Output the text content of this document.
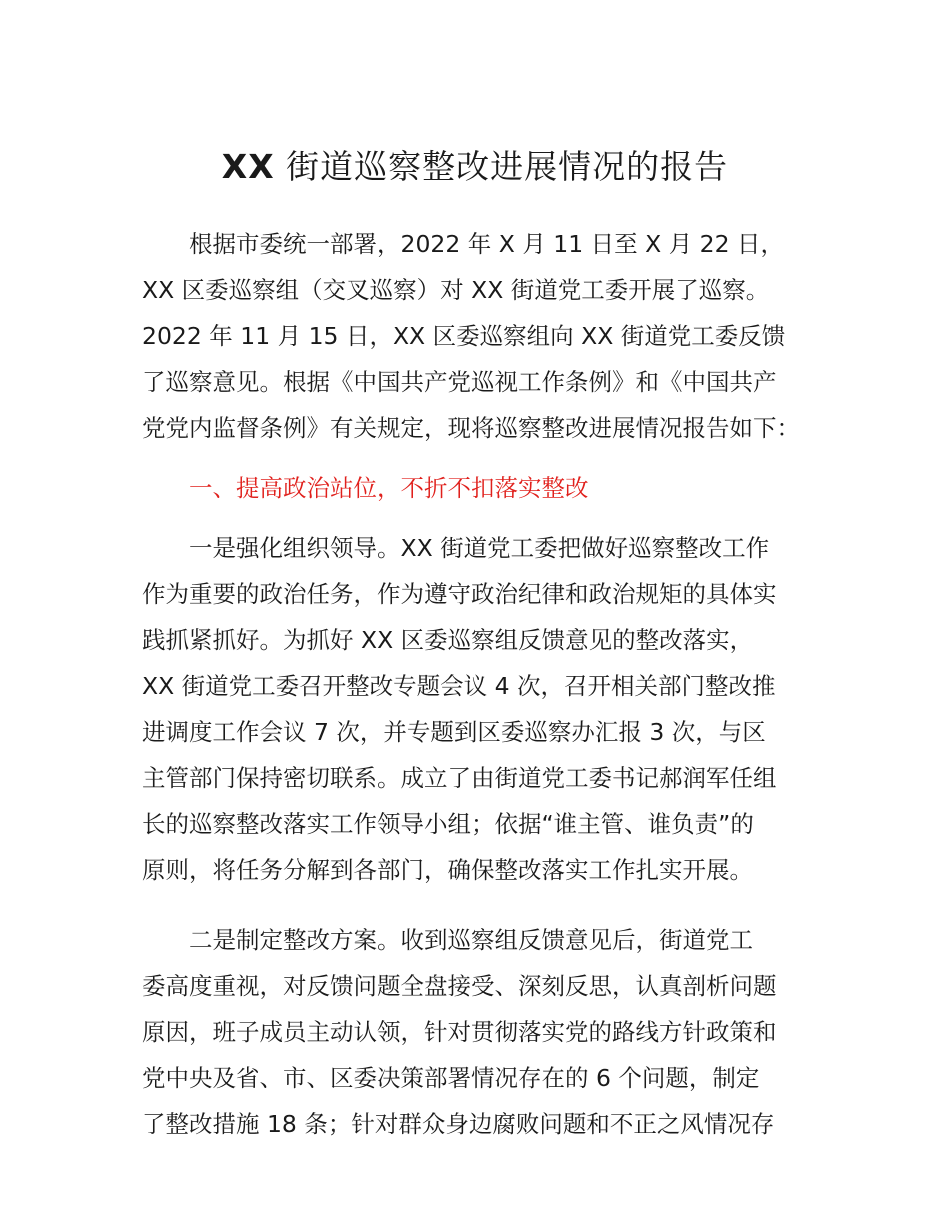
XX 街道巡察整改进展情况的报告
根据市委统一部署，2022 年 X 月 11 日至 X 月 22 日，
XX 区委巡察组（交叉巡察）对 XX 街道党工委开展了巡察。
2022 年 11 月 15 日，XX 区委巡察组向 XX 街道党工委反馈
了巡察意见。根据《中国共产党巡视工作条例》和《中国共产
党党内监督条例》有关规定，现将巡察整改进展情况报告如下：
一、提高政治站位，不折不扣落实整改
一是强化组织领导。XX 街道党工委把做好巡察整改工作
作为重要的政治任务，作为遵守政治纪律和政治规矩的具体实
践抓紧抓好。为抓好 XX 区委巡察组反馈意见的整改落实，
XX 街道党工委召开整改专题会议 4 次，召开相关部门整改推
进调度工作会议 7 次，并专题到区委巡察办汇报 3 次，与区
主管部门保持密切联系。成立了由街道党工委书记郝润军任组
长的巡察整改落实工作领导小组；依据“谁主管、谁负责”的
原则，将任务分解到各部门，确保整改落实工作扎实开展。
二是制定整改方案。收到巡察组反馈意见后，街道党工
委高度重视，对反馈问题全盘接受、深刻反思，认真剖析问题
原因，班子成员主动认领，针对贯彻落实党的路线方针政策和
党中央及省、市、区委决策部署情况存在的 6 个问题，制定
了整改措施 18 条；针对群众身边腐败问题和不正之风情况存
